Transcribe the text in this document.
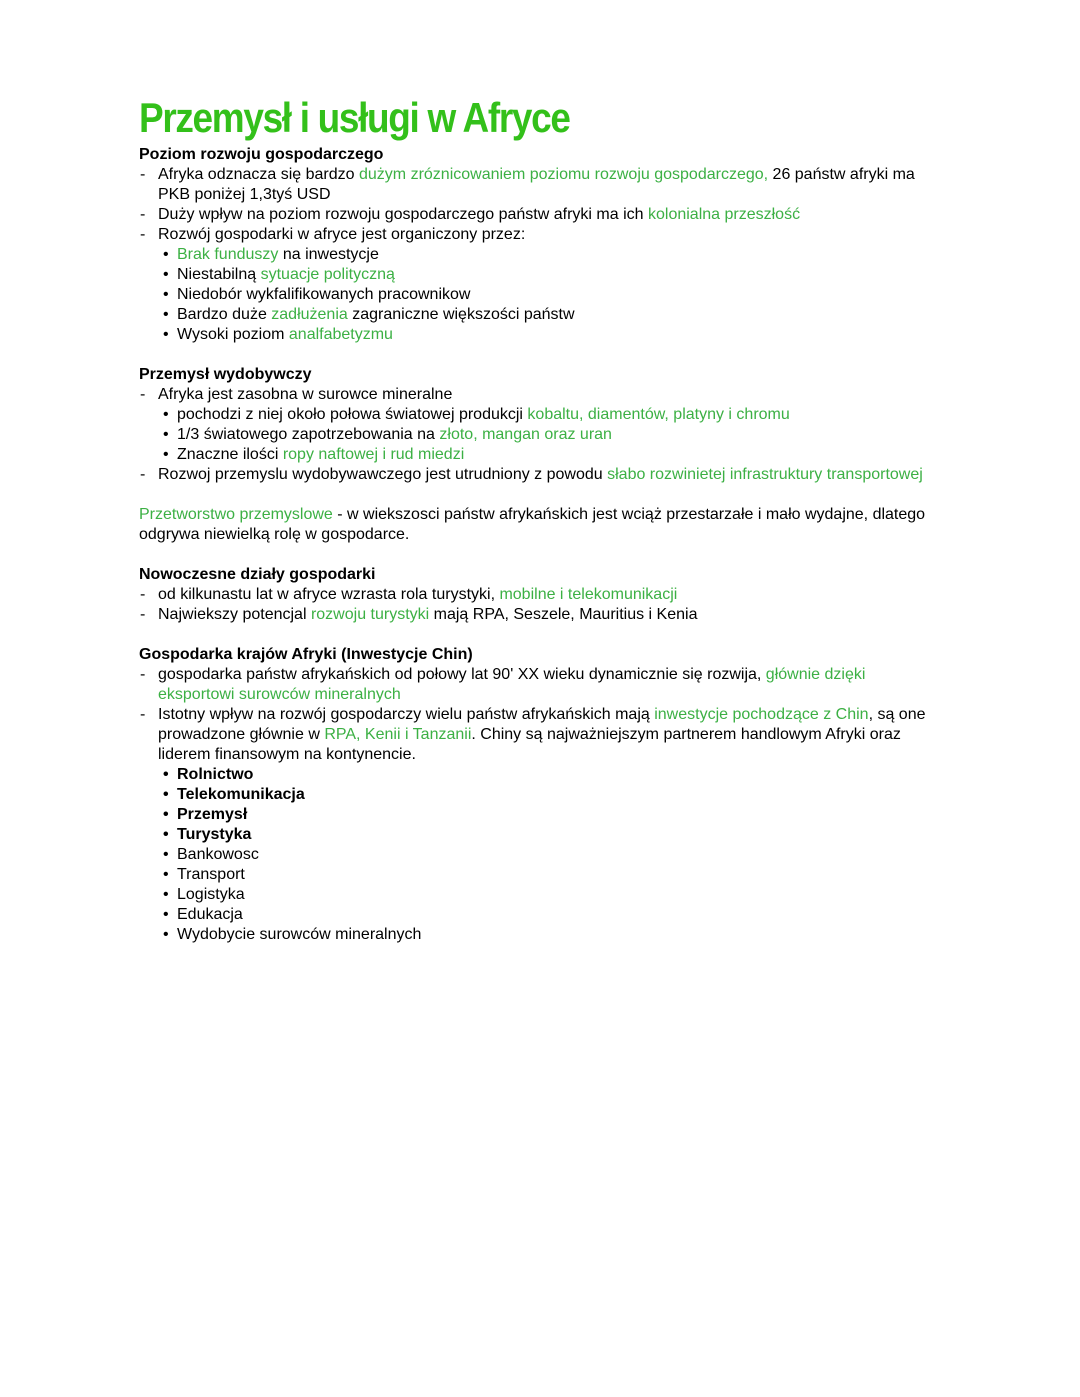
Przemysł i usługi w Afryce
Poziom rozwoju gospodarczego
- Afryka odznacza się bardzo dużym zróznicowaniem poziomu rozwoju gospodarczego, 26 państw afryki ma PKB poniżej 1,3tyś USD
- Duży wpływ na poziom rozwoju gospodarczego państw afryki ma ich kolonialna przeszłość
- Rozwój gospodarki w afryce jest organiczony przez:
• Brak funduszy na inwestycje
• Niestabilną sytuacje polityczną
• Niedobór wykfalifikowanych pracownikow
• Bardzo duże zadłużenia zagraniczne większości państw
• Wysoki poziom analfabetyzmu
Przemysł wydobywczy
- Afryka jest zasobna w surowce mineralne
• pochodzi z niej około połowa światowej produkcji kobaltu, diamentów, platyny i chromu
• 1/3 światowego zapotrzebowania na złoto, mangan oraz uran
• Znaczne ilości ropy naftowej i rud miedzi
- Rozwoj przemyslu wydobywawczego jest utrudniony z powodu słabo rozwinietej infrastruktury transportowej
Przetworstwo przemyslowe - w wiekszosci państw afrykańskich jest wciąż przestarzałe i mało wydajne, dlatego odgrywa niewielką rolę w gospodarce.
Nowoczesne działy gospodarki
- od kilkunastu lat w afryce wzrasta rola turystyki, mobilne i telekomunikacji
- Najwiekszy potencjal rozwoju turystyki mają RPA, Seszele, Mauritius i Kenia
Gospodarka krajów Afryki (Inwestycje Chin)
- gospodarka państw afrykańskich od połowy lat 90' XX wieku dynamicznie się rozwija, głównie dzięki eksportowi surowców mineralnych
- Istotny wpływ na rozwój gospodarczy wielu państw afrykańskich mają inwestycje pochodzące z Chin, są one prowadzone głównie w RPA, Kenii i Tanzanii. Chiny są najważniejszym partnerem handlowym Afryki oraz liderem finansowym na kontynencie.
• Rolnictwo
• Telekomunikacja
• Przemysł
• Turystyka
• Bankowosc
• Transport
• Logistyka
• Edukacja
• Wydobycie surowców mineralnych
